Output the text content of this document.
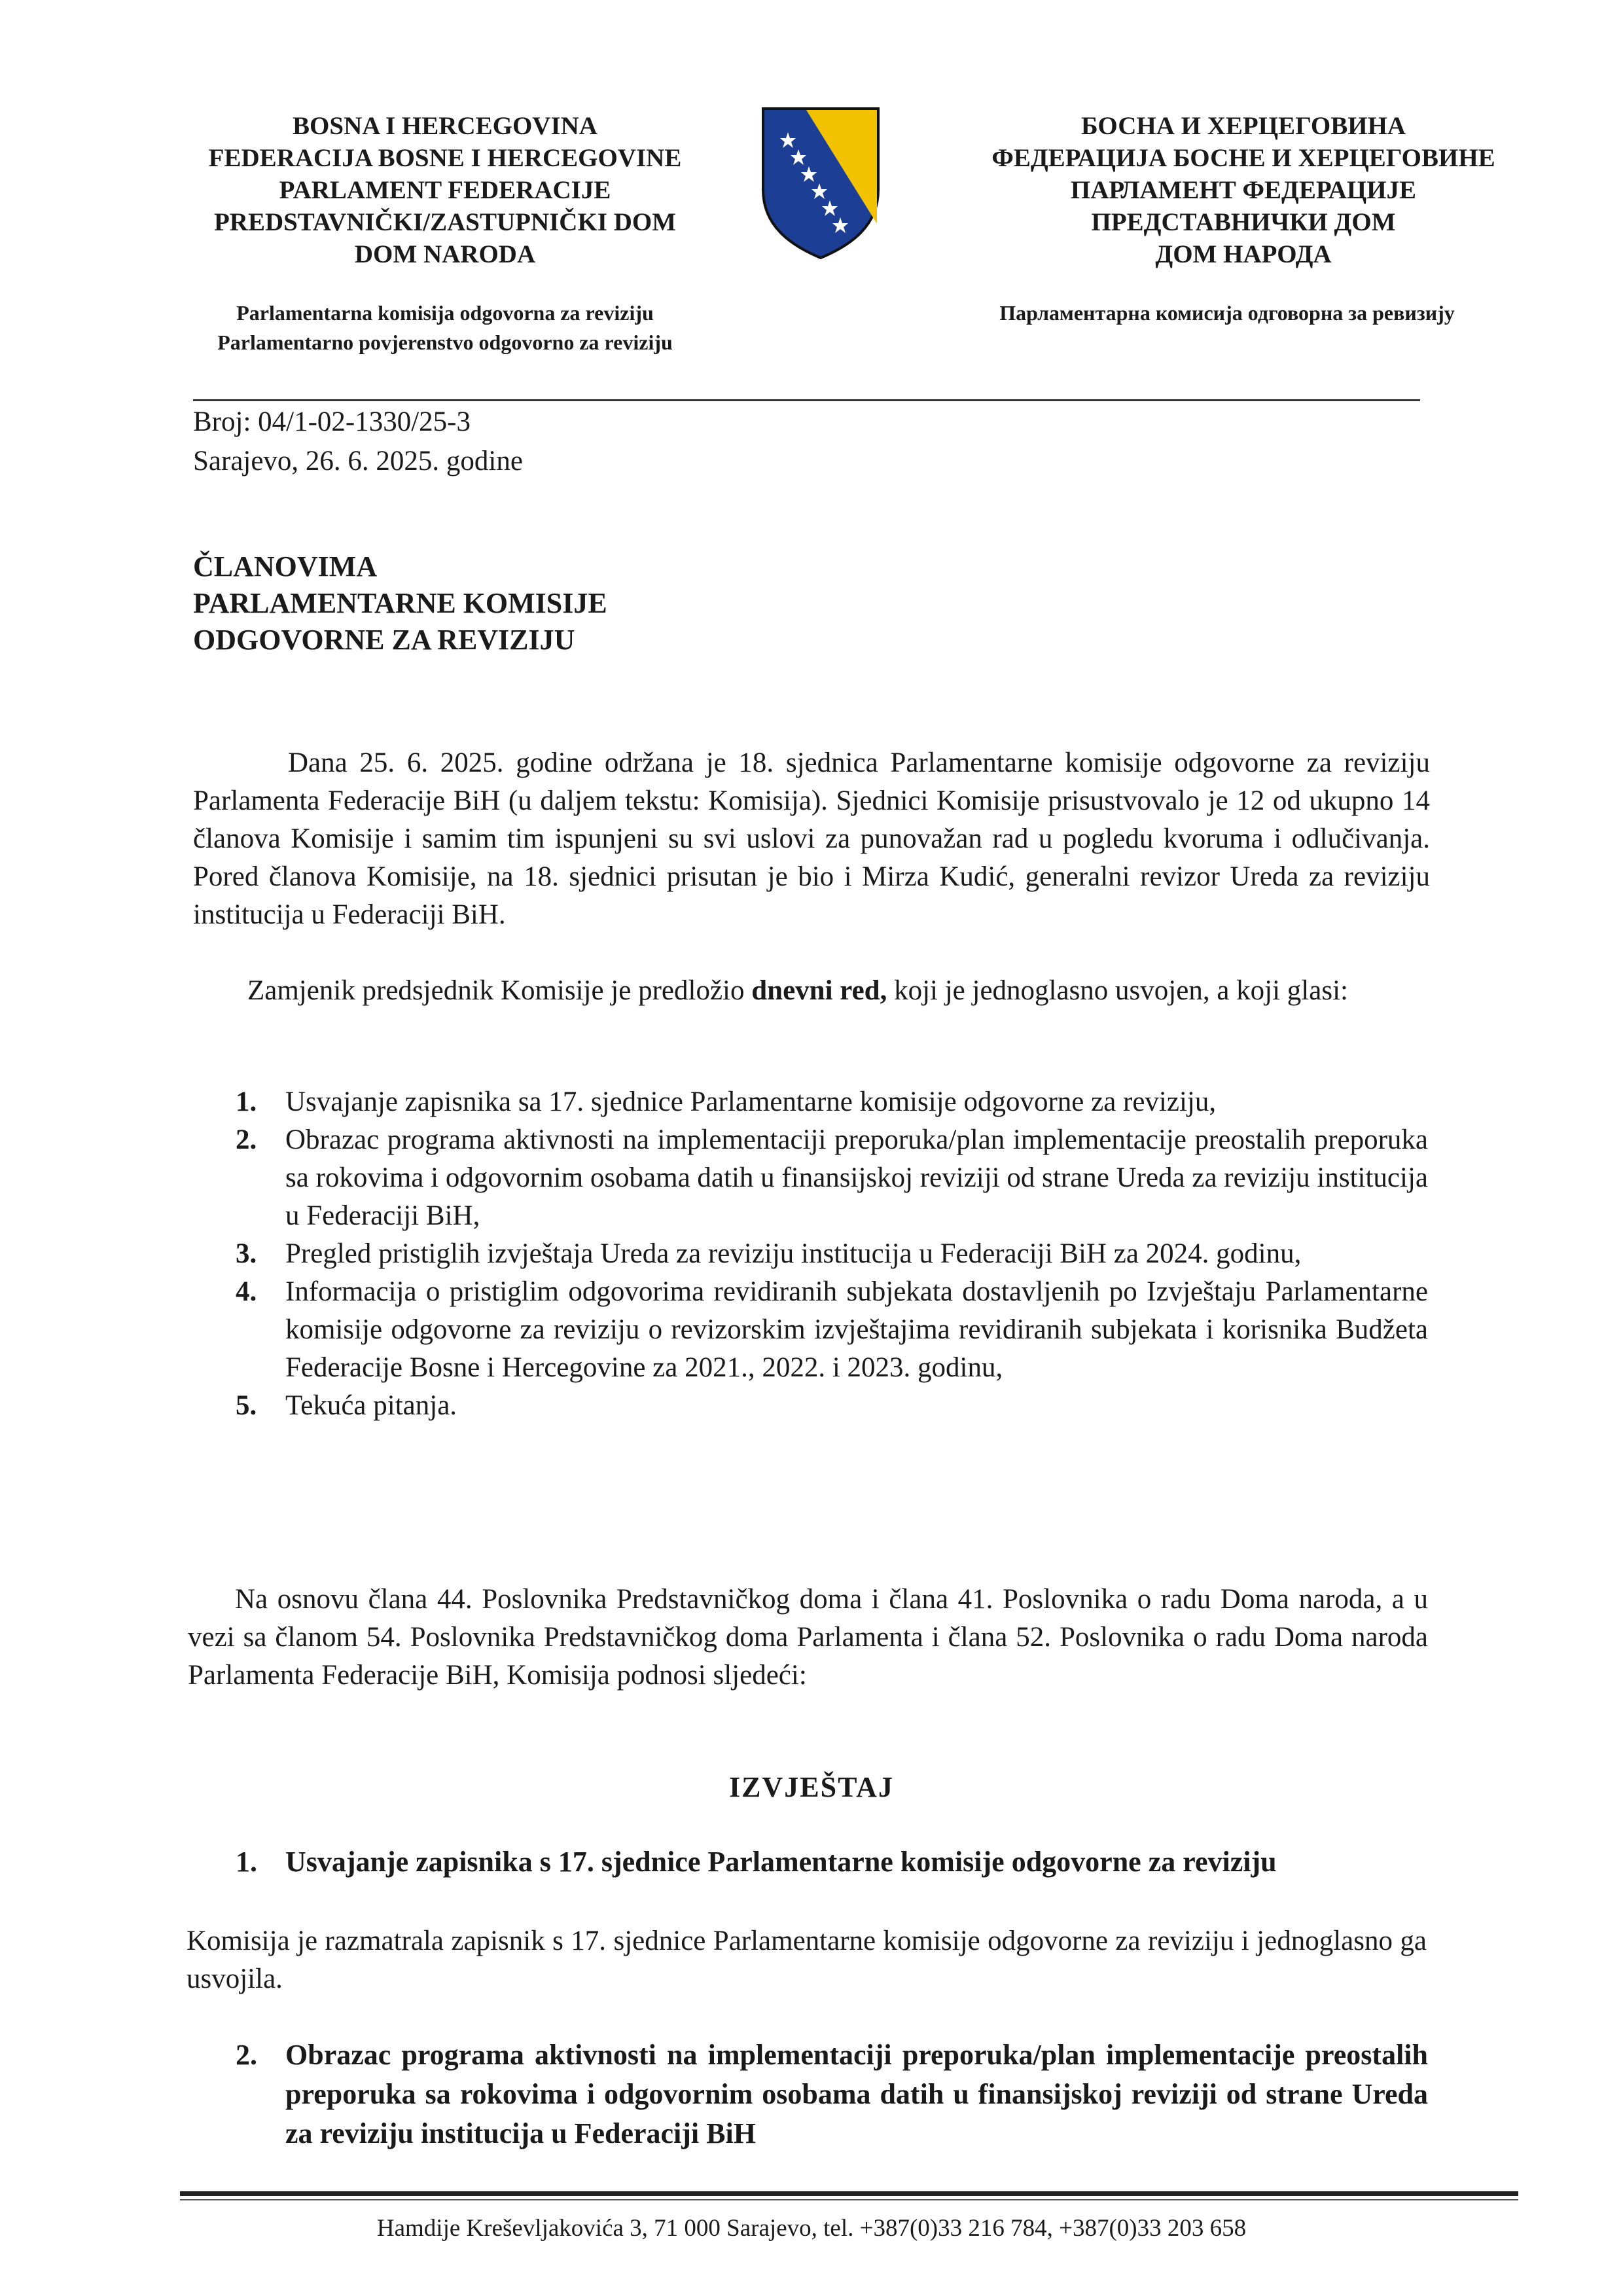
BOSNA I HERCEGOVINA
FEDERACIJA BOSNE I HERCEGOVINE
PARLAMENT FEDERACIJE
PREDSTAVNIČKI/ZASTUPNIČKI DOM
DOM NARODA
БОСНА И ХЕРЦЕГОВИНА
ФЕДЕРАЦИЈА БОСНЕ И ХЕРЦЕГОВИНЕ
ПАРЛАМЕНТ ФЕДЕРАЦИЈЕ
ПРЕДСТАВНИЧКИ ДОМ
ДОМ НАРОДА
Parlamentarna komisija odgovorna za reviziju
Parlamentarno povjerenstvo odgovorno za reviziju
Парламентарна комисија одговорна за ревизију
Broj: 04/1-02-1330/25-3
Sarajevo, 26. 6. 2025. godine
ČLANOVIMA
PARLAMENTARNE KOMISIJE
ODGOVORNE ZA REVIZIJU
Dana 25. 6. 2025. godine održana je 18. sjednica Parlamentarne komisije odgovorne za reviziju Parlamenta Federacije BiH (u daljem tekstu: Komisija). Sjednici Komisije prisustvovalo je 12 od ukupno 14 članova Komisije i samim tim ispunjeni su svi uslovi za punovažan rad u pogledu kvoruma i odlučivanja. Pored članova Komisije, na 18. sjednici prisutan je bio i Mirza Kudić, generalni revizor Ureda za reviziju institucija u Federaciji BiH.
Zamjenik predsjednik Komisije je predložio dnevni red, koji je jednoglasno usvojen, a koji glasi:
1.	Usvajanje zapisnika sa 17. sjednice Parlamentarne komisije odgovorne za reviziju,
2.	Obrazac programa aktivnosti na implementaciji preporuka/plan implementacije preostalih preporuka sa rokovima i odgovornim osobama datih u finansijskoj reviziji od strane Ureda za reviziju institucija u Federaciji BiH,
3.	Pregled pristiglih izvještaja Ureda za reviziju institucija u Federaciji BiH za 2024. godinu,
4.	Informacija o pristiglim odgovorima revidiranih subjekata dostavljenih po Izvještaju Parlamentarne komisije odgovorne za reviziju o revizorskim izvještajima revidiranih subjekata i korisnika Budžeta Federacije Bosne i Hercegovine za 2021., 2022. i 2023. godinu,
5.	Tekuća pitanja.
Na osnovu člana 44. Poslovnika Predstavničkog doma i člana 41. Poslovnika o radu Doma naroda, a u vezi sa članom 54. Poslovnika Predstavničkog doma Parlamenta i člana 52. Poslovnika o radu Doma naroda Parlamenta Federacije BiH, Komisija podnosi sljedeći:
IZVJEŠTAJ
1. Usvajanje zapisnika s 17. sjednice Parlamentarne komisije odgovorne za reviziju
Komisija je razmatrala zapisnik s 17. sjednice Parlamentarne komisije odgovorne za reviziju i jednoglasno ga usvojila.
2. Obrazac programa aktivnosti na implementaciji preporuka/plan implementacije preostalih preporuka sa rokovima i odgovornim osobama datih u finansijskoj reviziji od strane Ureda za reviziju institucija u Federaciji BiH
Hamdije Kreševljakovića 3, 71 000 Sarajevo, tel. +387(0)33 216 784, +387(0)33 203 658
